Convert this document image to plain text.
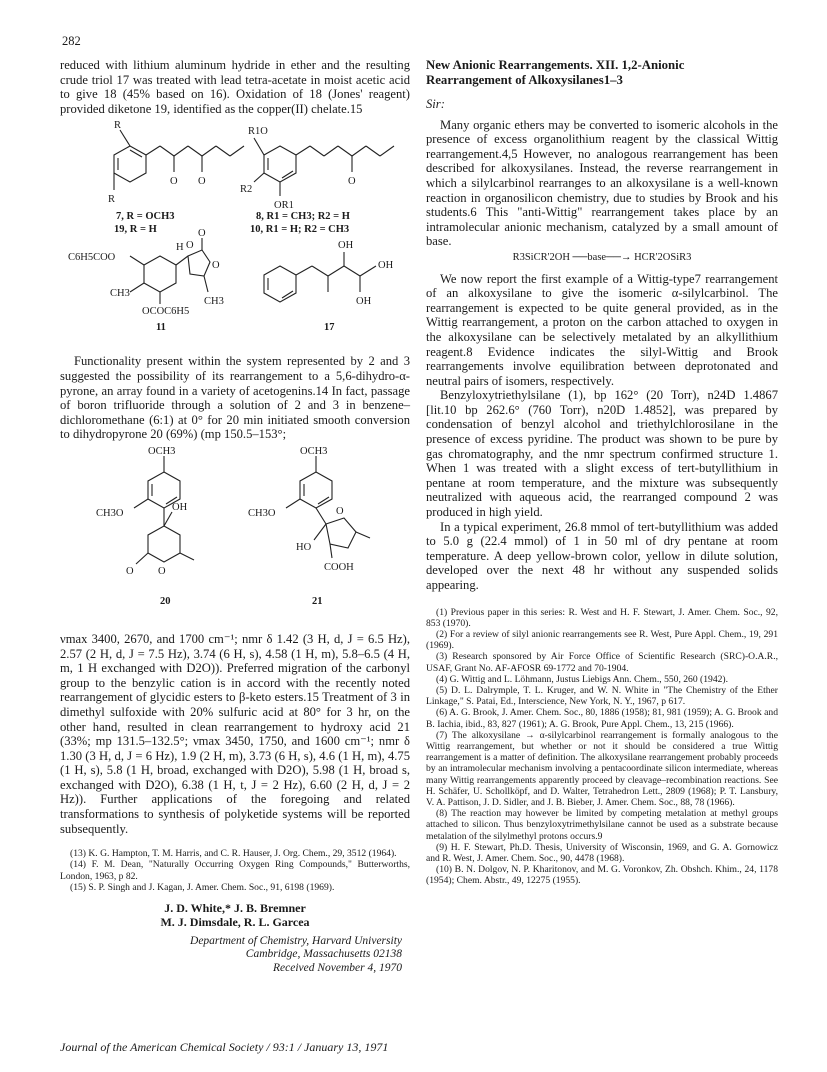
282

reduced with lithium aluminum hydride in ether and the resulting crude triol 17 was treated with lead tetra-acetate in moist acetic acid to give 18 (45% based on 16). Oxidation of 18 (Jones' reagent) provided diketone 19, identified as the copper(II) chelate.15

R
R
O O
7, R = OCH3
19, R = H
R1O
R2
OR1
O
8, R1 = CH3; R2 = H
10, R1 = H; R2 = CH3
C6H5COO
CH3
OCOC6H5
H O
O
O
CH3
11
OH
OH
OH
17

Functionality present within the system represented by 2 and 3 suggested the possibility of its rearrangement to a 5,6-dihydro-α-pyrone, an array found in a variety of acetogenins.14 In fact, passage of boron trifluoride through a solution of 2 and 3 in benzene–dichloromethane (6:1) at 0° for 20 min initiated smooth conversion to dihydropyrone 20 (69%) (mp 150.5–153°;

OCH3
CH3O
OH
O O
20
OCH3
CH3O	O
HO
COOH
21

νmax 3400, 2670, and 1700 cm⁻¹; nmr δ 1.42 (3 H, d, J = 6.5 Hz), 2.57 (2 H, d, J = 7.5 Hz), 3.74 (6 H, s), 4.58 (1 H, m), 5.8–6.5 (4 H, m, 1 H exchanged with D2O)). Preferred migration of the carbonyl group to the benzylic cation is in accord with the recently noted rearrangement of glycidic esters to β-keto esters.15 Treatment of 3 in dimethyl sulfoxide with 20% sulfuric acid at 80° for 3 hr, on the other hand, resulted in clean rearrangement to hydroxy acid 21 (33%; mp 131.5–132.5°; νmax 3450, 1750, and 1600 cm⁻¹; nmr δ 1.30 (3 H, d, J = 6 Hz), 1.9 (2 H, m), 3.73 (6 H, s), 4.6 (1 H, m), 4.75 (1 H, s), 5.8 (1 H, broad, exchanged with D2O), 5.98 (1 H, broad s, exchanged with D2O), 6.38 (1 H, t, J = 2 Hz), 6.60 (2 H, d, J = 2 Hz)). Further applications of the foregoing and related transformations to synthesis of polyketide systems will be reported subsequently.

(13) K. G. Hampton, T. M. Harris, and C. R. Hauser, J. Org. Chem., 29, 3512 (1964).

(14) F. M. Dean, "Naturally Occurring Oxygen Ring Compounds," Butterworths, London, 1963, p 82.

(15) S. P. Singh and J. Kagan, J. Amer. Chem. Soc., 91, 6198 (1969).

J. D. White,* J. B. Bremner
M. J. Dimsdale, R. L. Garcea
Department of Chemistry, Harvard University
Cambridge, Massachusetts 02138
Received November 4, 1970
New Anionic Rearrangements. XII. 1,2-Anionic
Rearrangement of Alkoxysilanes1–3
Sir:

Many organic ethers may be converted to isomeric alcohols in the presence of excess organolithium reagent by the classical Wittig rearrangement.4,5 However, no analogous rearrangement has been described for alkoxysilanes. Instead, the reverse rearrangement in which a silylcarbinol rearranges to an alkoxysilane is a well-known reaction in organosilicon chemistry, due to studies by Brook and his students.6 This "anti-Wittig" rearrangement takes place by an intramolecular anionic mechanism, catalyzed by a small amount of base.

R3SiCR'2OH ──base──→ HCR'2OSiR3

We now report the first example of a Wittig-type7 rearrangement of an alkoxysilane to give the isomeric α-silylcarbinol. The rearrangement is expected to be quite general provided, as in the Wittig rearrangement, a proton on the carbon attached to oxygen in the alkoxysilane can be selectively metalated by an alkyllithium reagent.8 Evidence indicates the silyl-Wittig and Brook rearrangements involve equilibration between deprotonated and neutral pairs of isomers, respectively.

Benzyloxytriethylsilane (1), bp 162° (20 Torr), n24D 1.4867 [lit.10 bp 262.6° (760 Torr), n20D 1.4852], was prepared by condensation of benzyl alcohol and triethylchlorosilane in the presence of excess pyridine. The product was shown to be pure by gas chromatography, and the nmr spectrum confirmed structure 1. When 1 was treated with a slight excess of tert-butyllithium in pentane at room temperature, and the mixture was subsequently neutralized with aqueous acid, the rearranged compound 2 was produced in high yield.

In a typical experiment, 26.8 mmol of tert-butyllithium was added to 5.0 g (22.4 mmol) of 1 in 50 ml of dry pentane at room temperature. A deep yellow-brown color, yellow in dilute solution, developed over the next 48 hr without any suspended solids appearing.

(1) Previous paper in this series: R. West and H. F. Stewart, J. Amer. Chem. Soc., 92, 853 (1970).

(2) For a review of silyl anionic rearrangements see R. West, Pure Appl. Chem., 19, 291 (1969).

(3) Research sponsored by Air Force Office of Scientific Research (SRC)-O.A.R., USAF, Grant No. AF-AFOSR 69-1772 and 70-1904.

(4) G. Wittig and L. Löhmann, Justus Liebigs Ann. Chem., 550, 260 (1942).

(5) D. L. Dalrymple, T. L. Kruger, and W. N. White in "The Chemistry of the Ether Linkage," S. Patai, Ed., Interscience, New York, N. Y., 1967, p 617.

(6) A. G. Brook, J. Amer. Chem. Soc., 80, 1886 (1958); 81, 981 (1959); A. G. Brook and B. Iachia, ibid., 83, 827 (1961); A. G. Brook, Pure Appl. Chem., 13, 215 (1966).

(7) The alkoxysilane → α-silylcarbinol rearrangement is formally analogous to the Wittig rearrangement, but whether or not it should be considered a true Wittig rearrangement is a matter of definition. The alkoxysilane rearrangement probably proceeds by an intramolecular mechanism involving a pentacoordinate silicon intermediate, whereas many Wittig rearrangements apparently proceed by cleavage–recombination reactions. See H. Schäfer, U. Schollköpf, and D. Walter, Tetrahedron Lett., 2809 (1968); P. T. Lansbury, V. A. Pattison, J. D. Sidler, and J. B. Bieber, J. Amer. Chem. Soc., 88, 78 (1966).

(8) The reaction may however be limited by competing metalation at methyl groups attached to silicon. Thus benzyloxytrimethylsilane cannot be used as a substrate because metalation of the silylmethyl protons occurs.9

(9) H. F. Stewart, Ph.D. Thesis, University of Wisconsin, 1969, and G. A. Gornowicz and R. West, J. Amer. Chem. Soc., 90, 4478 (1968).

(10) B. N. Dolgov, N. P. Kharitonov, and M. G. Voronkov, Zh. Obshch. Khim., 24, 1178 (1954); Chem. Abstr., 49, 12275 (1955).

Journal of the American Chemical Society / 93:1 / January 13, 1971
